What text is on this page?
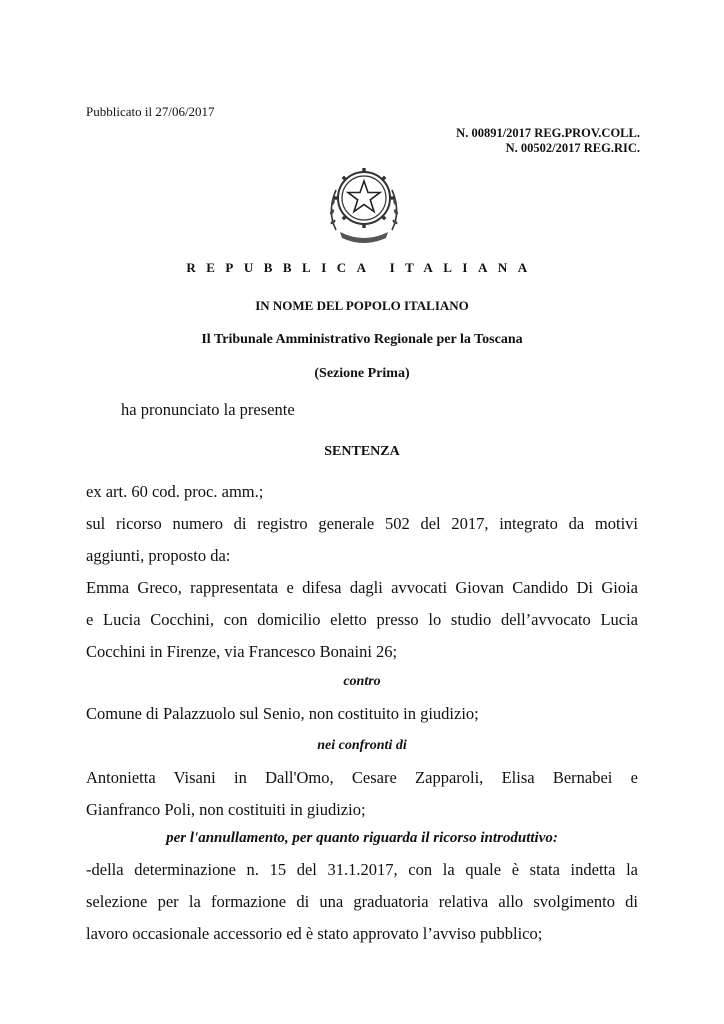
Pubblicato il 27/06/2017
N. 00891/2017 REG.PROV.COLL.
N. 00502/2017 REG.RIC.
REPUBBLICA ITALIANA
IN NOME DEL POPOLO ITALIANO
Il Tribunale Amministrativo Regionale per la Toscana
(Sezione Prima)
ha pronunciato la presente
SENTENZA
ex art. 60 cod. proc. amm.;
sul ricorso numero di registro generale 502 del 2017, integrato da motivi
aggiunti, proposto da:
Emma Greco, rappresentata e difesa dagli avvocati Giovan Candido Di Gioia
e Lucia Cocchini, con domicilio eletto presso lo studio dell’avvocato Lucia
Cocchini in Firenze, via Francesco Bonaini 26;
contro
Comune di Palazzuolo sul Senio, non costituito in giudizio;
nei confronti di
Antonietta Visani in Dall'Omo, Cesare Zapparoli, Elisa Bernabei e
Gianfranco Poli, non costituiti in giudizio;
per l'annullamento, per quanto riguarda il ricorso introduttivo:
-della determinazione n. 15 del 31.1.2017, con la quale è stata indetta la
selezione per la formazione di una graduatoria relativa allo svolgimento di
lavoro occasionale accessorio ed è stato approvato l’avviso pubblico;
